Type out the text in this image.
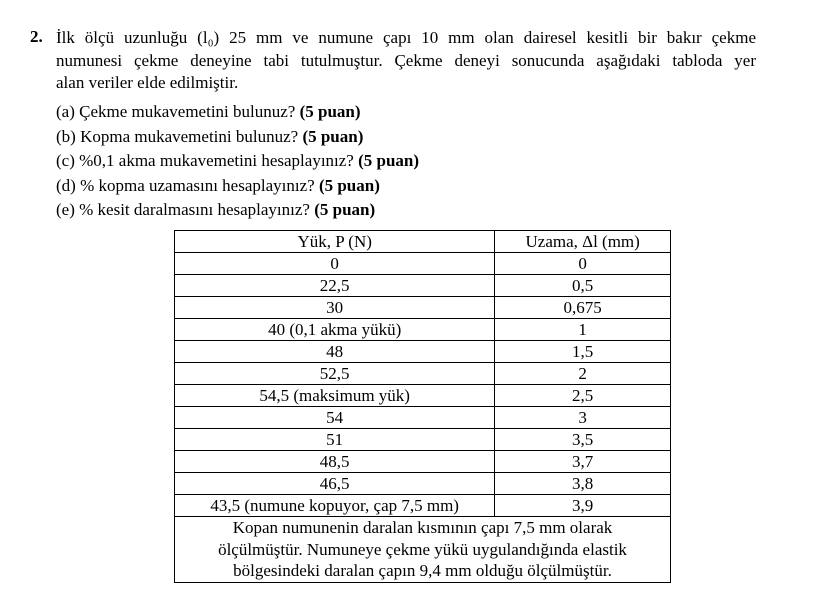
2. İlk ölçü uzunluğu (l₀) 25 mm ve numune çapı 10 mm olan dairesel kesitli bir bakır çekme
numunesi çekme deneyine tabi tutulmuştur. Çekme deneyi sonucunda aşağıdaki tabloda yer
alan veriler elde edilmiştir.
(a) Çekme mukavemetini bulunuz? (5 puan)
(b) Kopma mukavemetini bulunuz? (5 puan)
(c) %0,1 akma mukavemetini hesaplayınız? (5 puan)
(d) % kopma uzamasını hesaplayınız? (5 puan)
(e) % kesit daralmasını hesaplayınız? (5 puan)
Yük, P (N)	Uzama, Δl (mm)
0	0
22,5	0,5
30	0,675
40 (0,1 akma yükü)	1
48	1,5
52,5	2
54,5 (maksimum yük)	2,5
54	3
51	3,5
48,5	3,7
46,5	3,8
43,5 (numune kopuyor, çap 7,5 mm)	3,9

Kopan numunenin daralan kısmının çapı 7,5 mm olarak
ölçülmüştür. Numuneye çekme yükü uygulandığında elastik
bölgesindeki daralan çapın 9,4 mm olduğu ölçülmüştür.	
